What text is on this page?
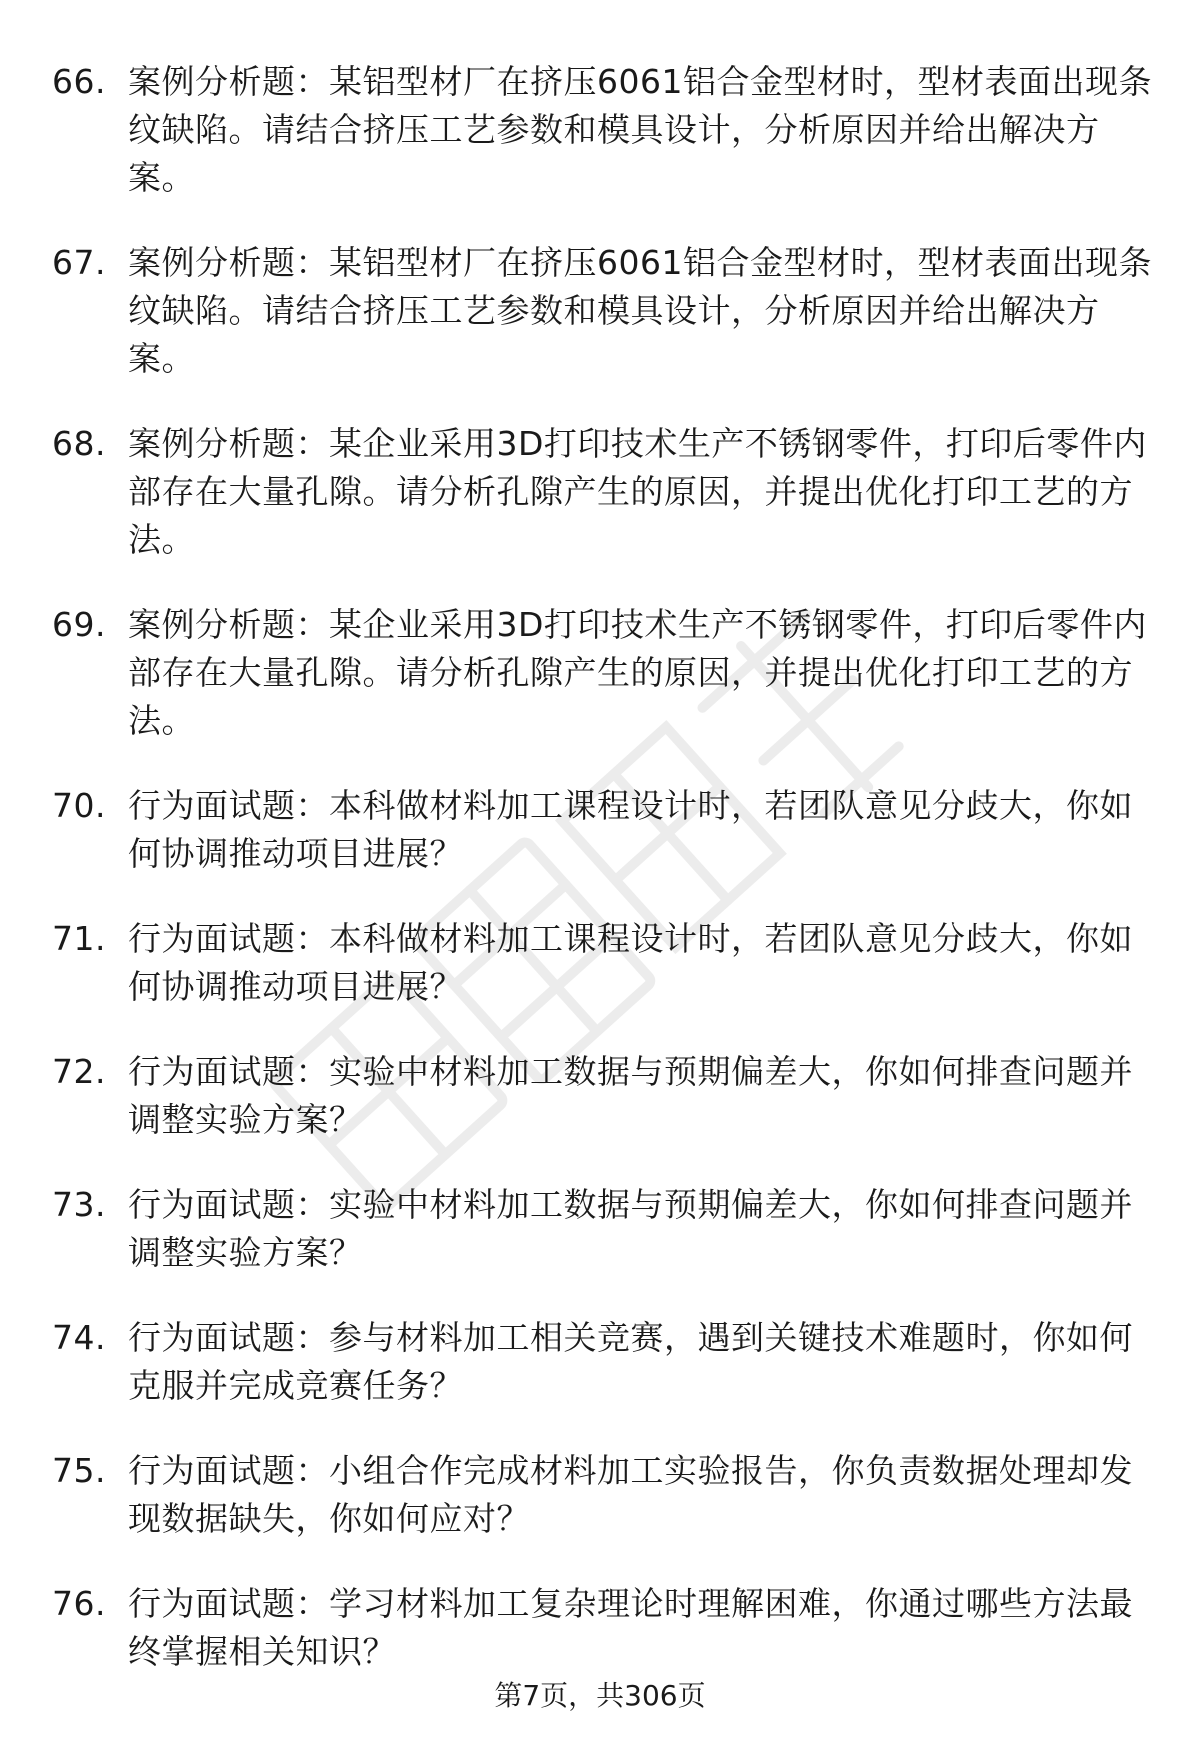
66. 案例分析题：某铝型材厂在挤压6061铝合金型材时，型材表面出现条纹缺陷。请结合挤压工艺参数和模具设计，分析原因并给出解决方案。
67. 案例分析题：某铝型材厂在挤压6061铝合金型材时，型材表面出现条纹缺陷。请结合挤压工艺参数和模具设计，分析原因并给出解决方案。
68. 案例分析题：某企业采用3D打印技术生产不锈钢零件，打印后零件内部存在大量孔隙。请分析孔隙产生的原因，并提出优化打印工艺的方法。
69. 案例分析题：某企业采用3D打印技术生产不锈钢零件，打印后零件内部存在大量孔隙。请分析孔隙产生的原因，并提出优化打印工艺的方法。
70. 行为面试题：本科做材料加工课程设计时，若团队意见分歧大，你如何协调推动项目进展？
71. 行为面试题：本科做材料加工课程设计时，若团队意见分歧大，你如何协调推动项目进展？
72. 行为面试题：实验中材料加工数据与预期偏差大，你如何排查问题并调整实验方案？
73. 行为面试题：实验中材料加工数据与预期偏差大，你如何排查问题并调整实验方案？
74. 行为面试题：参与材料加工相关竞赛，遇到关键技术难题时，你如何克服并完成竞赛任务？
75. 行为面试题：小组合作完成材料加工实验报告，你负责数据处理却发现数据缺失，你如何应对？
76. 行为面试题：学习材料加工复杂理论时理解困难，你通过哪些方法最终掌握相关知识？
第7页，共306页
